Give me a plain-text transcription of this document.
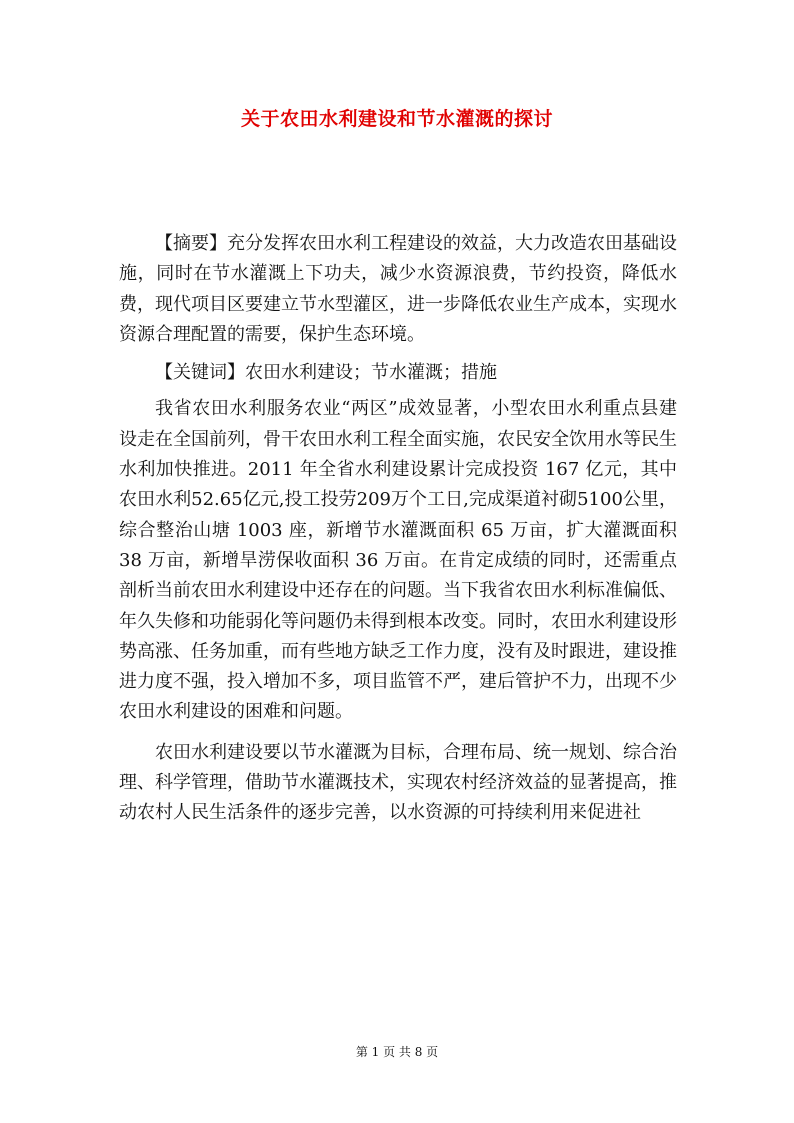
关于农田水利建设和节水灌溉的探讨

【摘要】充分发挥农田水利工程建设的效益，大力改造农田基础设施，同时在节水灌溉上下功夫，减少水资源浪费，节约投资，降低水费，现代项目区要建立节水型灌区，进一步降低农业生产成本，实现水资源合理配置的需要，保护生态环境。

【关键词】农田水利建设；节水灌溉；措施

我省农田水利服务农业“两区”成效显著，小型农田水利重点县建设走在全国前列，骨干农田水利工程全面实施，农民安全饮用水等民生水利加快推进。2011 年全省水利建设累计完成投资 167 亿元，其中农田水利52.65亿元,投工投劳209万个工日,完成渠道衬砌5100公里，综合整治山塘 1003 座，新增节水灌溉面积 65 万亩，扩大灌溉面积 38 万亩，新增旱涝保收面积 36 万亩。在肯定成绩的同时，还需重点剖析当前农田水利建设中还存在的问题。当下我省农田水利标准偏低、年久失修和功能弱化等问题仍未得到根本改变。同时，农田水利建设形势高涨、任务加重，而有些地方缺乏工作力度，没有及时跟进，建设推进力度不强，投入增加不多，项目监管不严，建后管护不力，出现不少农田水利建设的困难和问题。

农田水利建设要以节水灌溉为目标，合理布局、统一规划、综合治理、科学管理，借助节水灌溉技术，实现农村经济效益的显著提高，推动农村人民生活条件的逐步完善，以水资源的可持续利用来促进社

第 1 页 共 8 页
